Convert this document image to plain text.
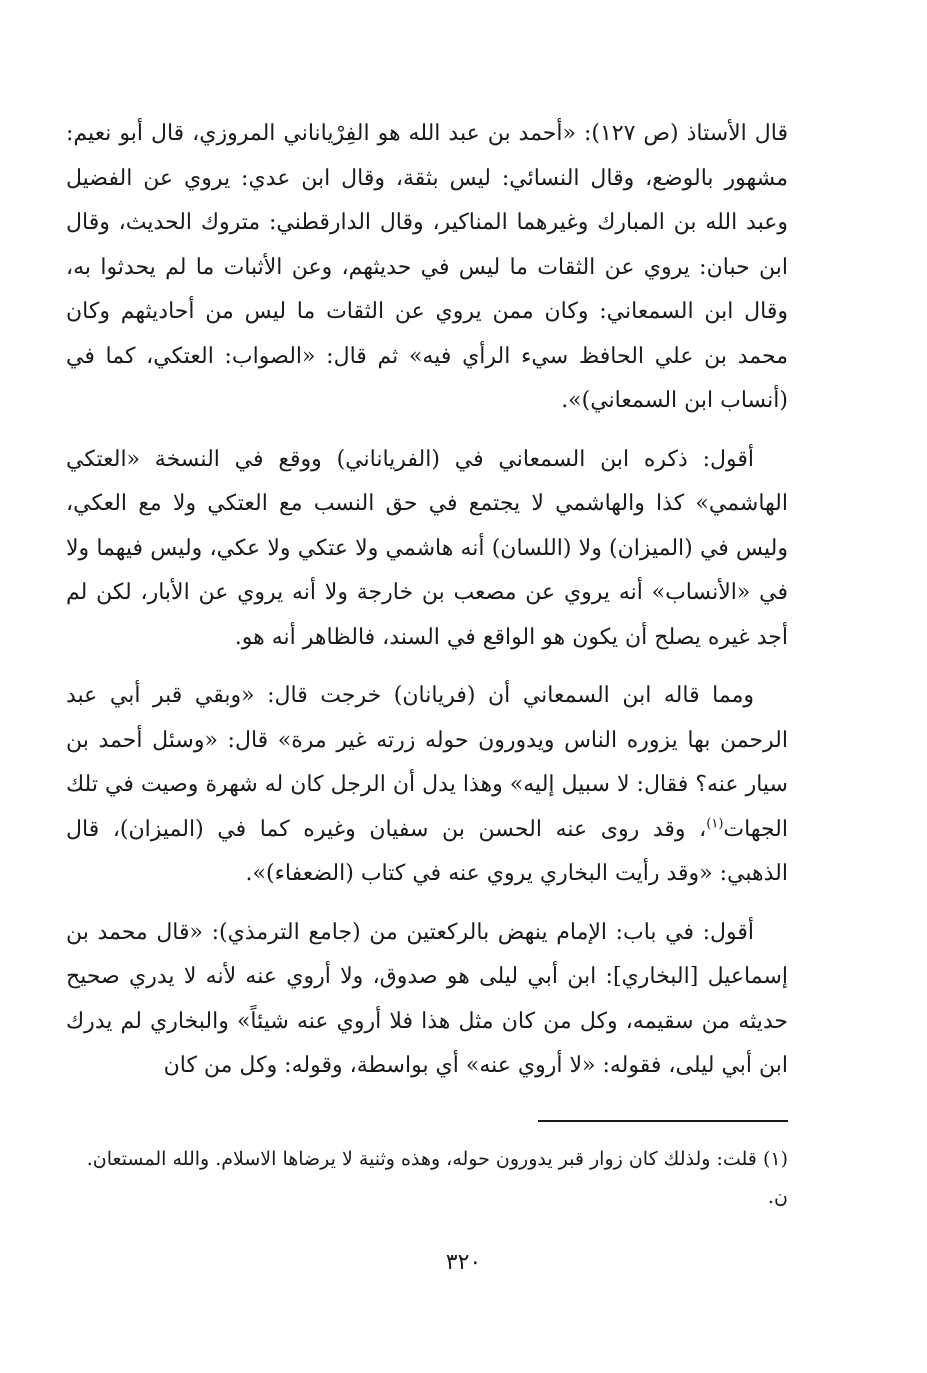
قال الأستاذ (ص ١٢٧): «أحمد بن عبد الله هو الفِرْياناني المروزي، قال أبو نعيم: مشهور بالوضع، وقال النسائي: ليس بثقة، وقال ابن عدي: يروي عن الفضيل وعبد الله بن المبارك وغيرهما المناكير، وقال الدارقطني: متروك الحديث، وقال ابن حبان: يروي عن الثقات ما ليس في حديثهم، وعن الأثبات ما لم يحدثوا به، وقال ابن السمعاني: وكان ممن يروي عن الثقات ما ليس من أحاديثهم وكان محمد بن علي الحافظ سيء الرأي فيه» ثم قال: «الصواب: العتكي، كما في (أنساب ابن السمعاني)».

أقول: ذكره ابن السمعاني في (الفرياناني) ووقع في النسخة «العتكي الهاشمي» كذا والهاشمي لا يجتمع في حق النسب مع العتكي ولا مع العكي، وليس في (الميزان) ولا (اللسان) أنه هاشمي ولا عتكي ولا عكي، وليس فيهما ولا في «الأنساب» أنه يروي عن مصعب بن خارجة ولا أنه يروي عن الأبار، لكن لم أجد غيره يصلح أن يكون هو الواقع في السند، فالظاهر أنه هو.

ومما قاله ابن السمعاني أن (فريانان) خرجت قال: «وبقي قبر أبي عبد الرحمن بها يزوره الناس ويدورون حوله زرته غير مرة» قال: «وسئل أحمد بن سيار عنه؟ فقال: لا سبيل إليه» وهذا يدل أن الرجل كان له شهرة وصيت في تلك الجهات$^{(١)}$، وقد روى عنه الحسن بن سفيان وغيره كما في (الميزان)، قال الذهبي: «وقد رأيت البخاري يروي عنه في كتاب (الضعفاء)».

أقول: في باب: الإمام ينهض بالركعتين من (جامع الترمذي): «قال محمد بن إسماعيل [البخاري]: ابن أبي ليلى هو صدوق، ولا أروي عنه لأنه لا يدري صحيح حديثه من سقيمه، وكل من كان مثل هذا فلا أروي عنه شيئاً» والبخاري لم يدرك ابن أبي ليلى، فقوله: «لا أروي عنه» أي بواسطة، وقوله: وكل من كان

(١) قلت: ولذلك كان زوار قبر يدورون حوله، وهذه وثنية لا يرضاها الاسلام. والله المستعان. ن.

٣٢٠
